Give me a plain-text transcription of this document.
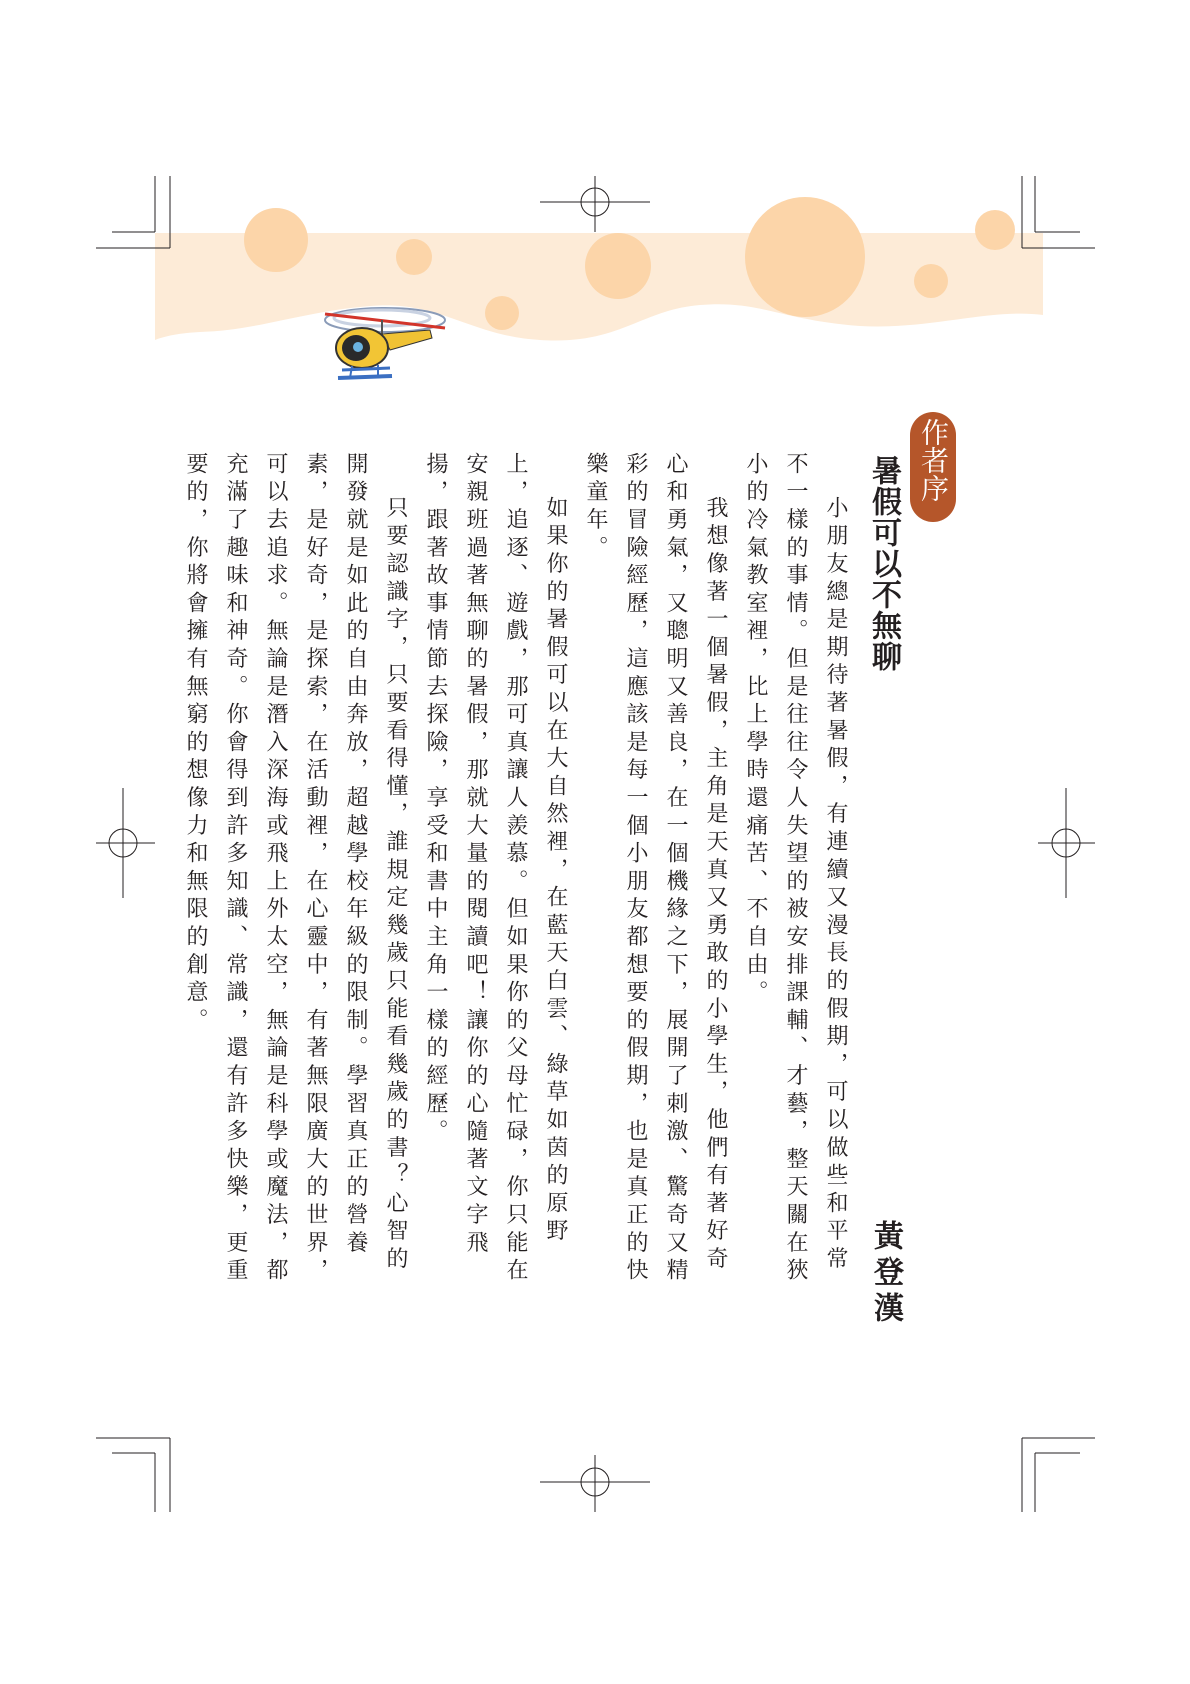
作者序
暑假可以不無聊
黃登漢

小朋友總是期待著暑假，有連續又漫長的假期，可以做些和平常不一樣的事情。但是往往令人失望的被安排課輔、才藝，整天關在狹小的冷氣教室裡，比上學時還痛苦、不自由。

我想像著一個暑假，主角是天真又勇敢的小學生，他們有著好奇心和勇氣，又聰明又善良，在一個機緣之下，展開了刺激、驚奇又精彩的冒險經歷，這應該是每一個小朋友都想要的假期，也是真正的快樂童年。

如果你的暑假可以在大自然裡，在藍天白雲、綠草如茵的原野上，追逐、遊戲，那可真讓人羨慕。但如果你的父母忙碌，你只能在安親班過著無聊的暑假，那就大量的閱讀吧！讓你的心隨著文字飛揚，跟著故事情節去探險，享受和書中主角一樣的經歷。

只要認識字，只要看得懂，誰規定幾歲只能看幾歲的書？心智的開發就是如此的自由奔放，超越學校年級的限制。學習真正的營養素，是好奇，是探索，在活動裡，在心靈中，有著無限廣大的世界，可以去追求。無論是潛入深海或飛上外太空，無論是科學或魔法，都充滿了趣味和神奇。你會得到許多知識、常識，還有許多快樂，更重要的，你將會擁有無窮的想像力和無限的創意。
